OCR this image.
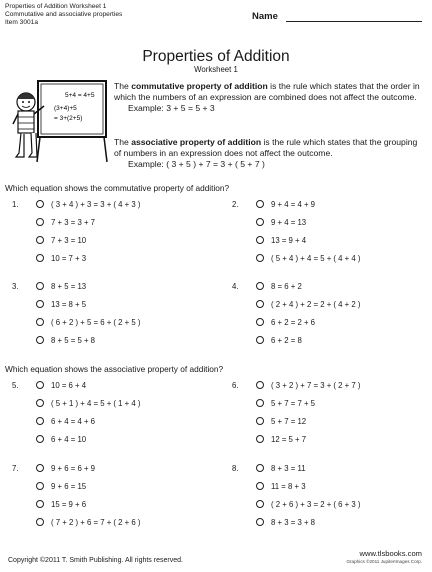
Properties of Addition Worksheet 1
Commutative and associative properties
Item 3001a
Name
Properties of Addition
Worksheet 1
5+4 = 4+5
(3+4)+5
= 3+(2+5)
The commutative property of addition is the rule which states that the order in which the numbers of an expression are combined does not affect the outcome.
Example: 3 + 5 = 5 + 3
The associative property of addition is the rule which states that the grouping of numbers in an expression does not affect the outcome.
Example: ( 3 + 5 ) + 7 = 3 + ( 5 + 7 )
Which equation shows the commutative property of addition?
Which equation shows the associative property of addition?
1.	( 3 + 4 ) + 3 = 3 + ( 4 + 3 )
7 + 3 = 3 + 7
7 + 3 = 10
10 = 7 + 3
2.	9 + 4 = 4 + 9
9 + 4 = 13
13 = 9 + 4
( 5 + 4 ) + 4 = 5 + ( 4 + 4 )
3.	8 + 5 = 13
13 = 8 + 5
( 6 + 2 ) + 5 = 6 + ( 2 + 5 )
8 + 5 = 5 + 8
4.	8 = 6 + 2
( 2 + 4 ) + 2 = 2 + ( 4 + 2 )
6 + 2 = 2 + 6
6 + 2 = 8
5.	10 = 6 + 4
( 5 + 1 ) + 4 = 5 + ( 1 + 4 )
6 + 4 = 4 + 6
6 + 4 = 10
6.	( 3 + 2 ) + 7 = 3 + ( 2 + 7 )
5 + 7 = 7 + 5
5 + 7 = 12
12 = 5 + 7
7.	9 + 6 = 6 + 9
9 + 6 = 15
15 = 9 + 6
( 7 + 2 ) + 6 = 7 + ( 2 + 6 )
8.	8 + 3 = 11
11 = 8 + 3
( 2 + 6 ) + 3 = 2 + ( 6 + 3 )
8 + 3 = 3 + 8
Copyright ©2011 T. Smith Publishing. All rights reserved.
www.tlsbooks.com
Graphics ©2011 JupiterImages Corp.
